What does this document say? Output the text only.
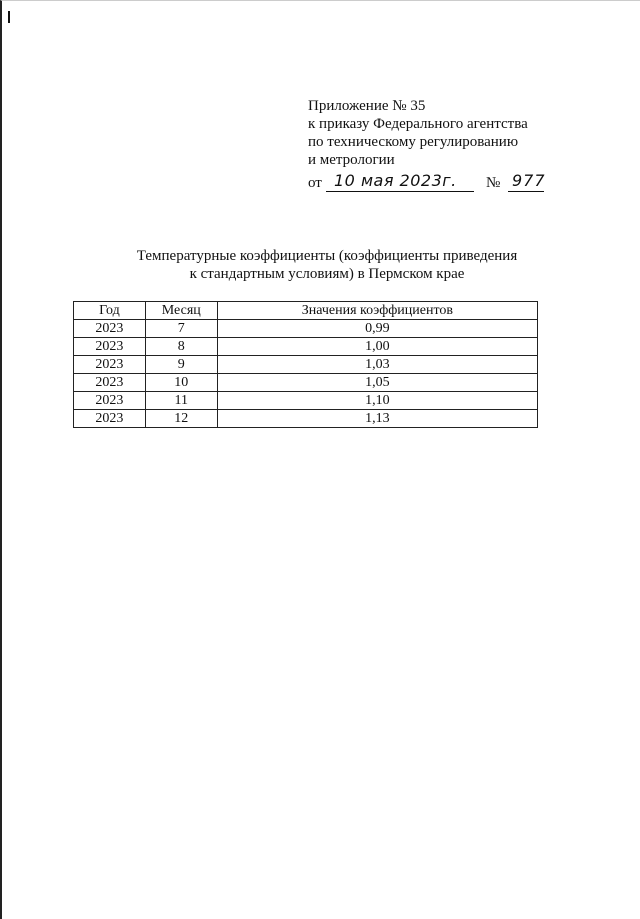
Приложение № 35
к приказу Федерального агентства
по техническому регулированию
и метрологии
от 10 мая 2023г.	№ 977
Температурные коэффициенты (коэффициенты приведения
к стандартным условиям) в Пермском крае
Год	Месяц	Значения коэффициентов
2023	7	0,99
2023	8	1,00
2023	9	1,03
2023	10	1,05
2023	11	1,10
2023	12	1,13
